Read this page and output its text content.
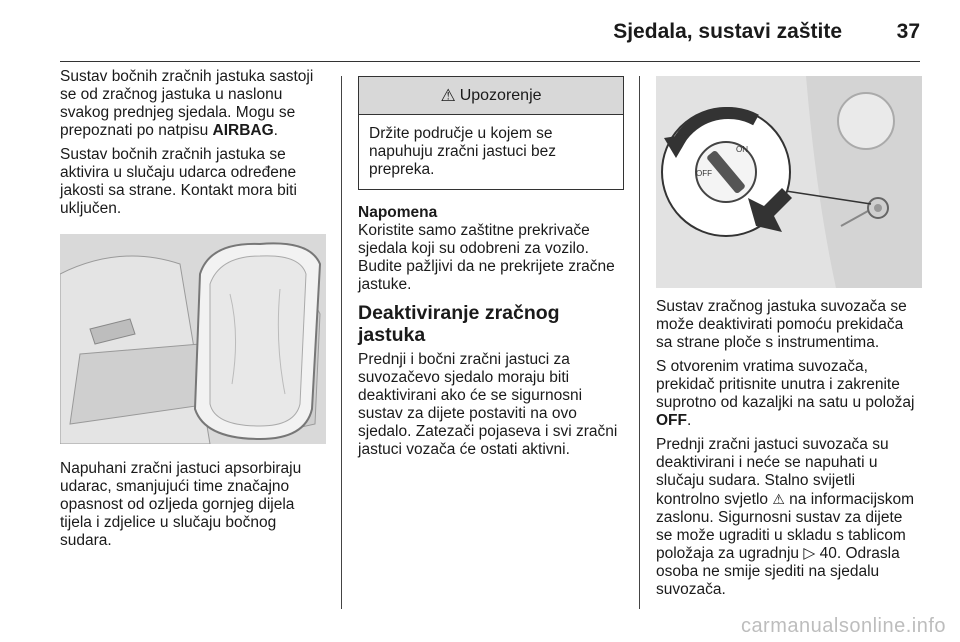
Sjedala, sustavi zaštite	37

Sustav bočnih zračnih jastuka sastoji se od zračnog jastuka u naslonu svakog prednjeg sjedala. Mogu se prepoznati po natpisu AIRBAG.

Sustav bočnih zračnih jastuka se aktivira u slučaju udarca određene jakosti sa strane. Kontakt mora biti uključen.

Napuhani zračni jastuci apsorbiraju udarac, smanjujući time značajno opasnost od ozljeda gornjeg dijela tijela i zdjelice u slučaju bočnog sudara.

⚠ Upozorenje
Držite područje u kojem se napuhuju zračni jastuci bez prepreka.
Napomena

Koristite samo zaštitne prekrivače sjedala koji su odobreni za vozilo. Budite pažljivi da ne prekrijete zračne jastuke.

Deaktiviranje zračnog jastuka

Prednji i bočni zračni jastuci za suvozačevo sjedalo moraju biti deaktivirani ako će se sigurnosni sustav za dijete postaviti na ovo sjedalo. Zatezači pojaseva i svi zračni jastuci vozača će ostati aktivni.

ON
OFF

Sustav zračnog jastuka suvozača se može deaktivirati pomoću prekidača sa strane ploče s instrumentima.

S otvorenim vratima suvozača, prekidač pritisnite unutra i zakrenite suprotno od kazaljki na satu u položaj OFF.

Prednji zračni jastuci suvozača su deaktivirani i neće se napuhati u slučaju sudara. Stalno svijetli kontrolno svjetlo ⚠ na informacijskom zaslonu. Sigurnosni sustav za dijete se može ugraditi u skladu s tablicom položaja za ugradnju ▷ 40. Odrasla osoba ne smije sjediti na sjedalu suvozača.

carmanualsonline.info
